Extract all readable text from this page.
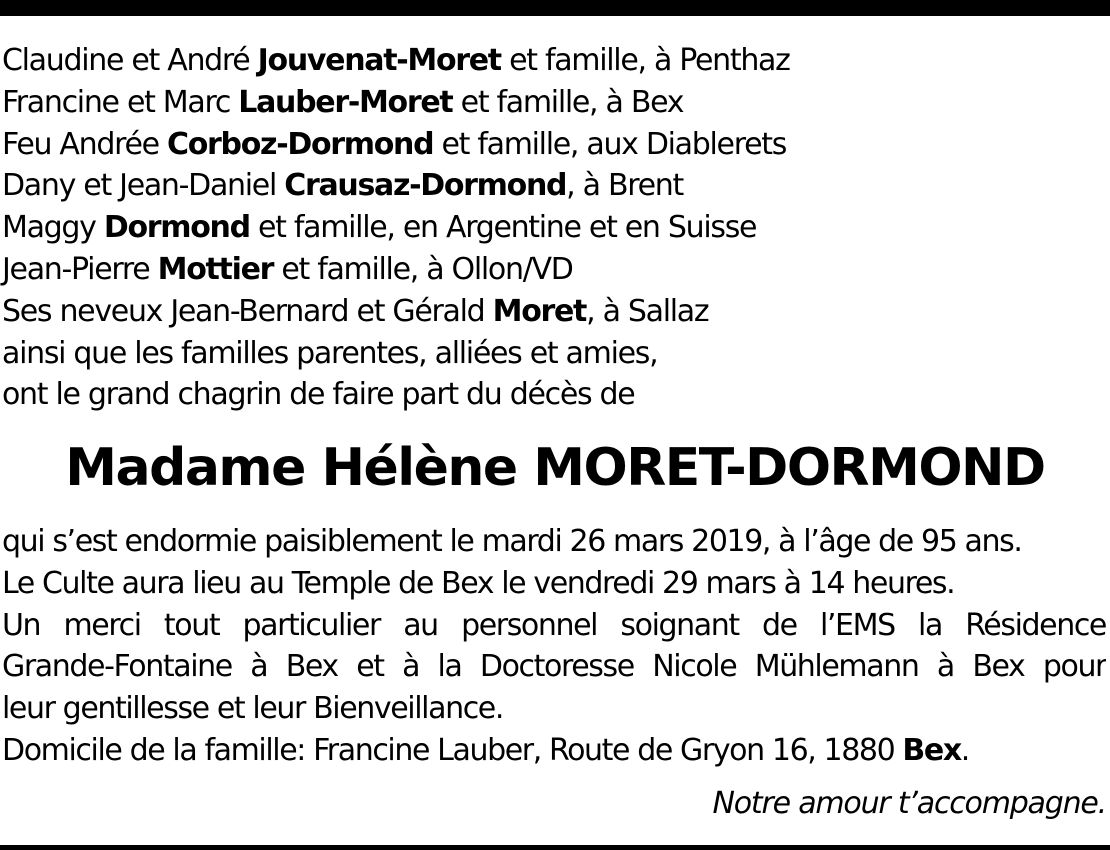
Claudine et André Jouvenat-Moret et famille, à Penthaz
Francine et Marc Lauber-Moret et famille, à Bex
Feu Andrée Corboz-Dormond et famille, aux Diablerets
Dany et Jean-Daniel Crausaz-Dormond, à Brent
Maggy Dormond et famille, en Argentine et en Suisse
Jean-Pierre Mottier et famille, à Ollon/VD
Ses neveux Jean-Bernard et Gérald Moret, à Sallaz
ainsi que les familles parentes, alliées et amies,
ont le grand chagrin de faire part du décès de
Madame Hélène MORET-DORMOND
qui s’est endormie paisiblement le mardi 26 mars 2019, à l’âge de 95 ans.
Le Culte aura lieu au Temple de Bex le vendredi 29 mars à 14 heures.
Un merci tout particulier au personnel soignant de l’EMS la Résidence
Grande-Fontaine à Bex et à la Doctoresse Nicole Mühlemann à Bex pour
leur gentillesse et leur Bienveillance.
Domicile de la famille: Francine Lauber, Route de Gryon 16, 1880 Bex.
Notre amour t’accompagne.
